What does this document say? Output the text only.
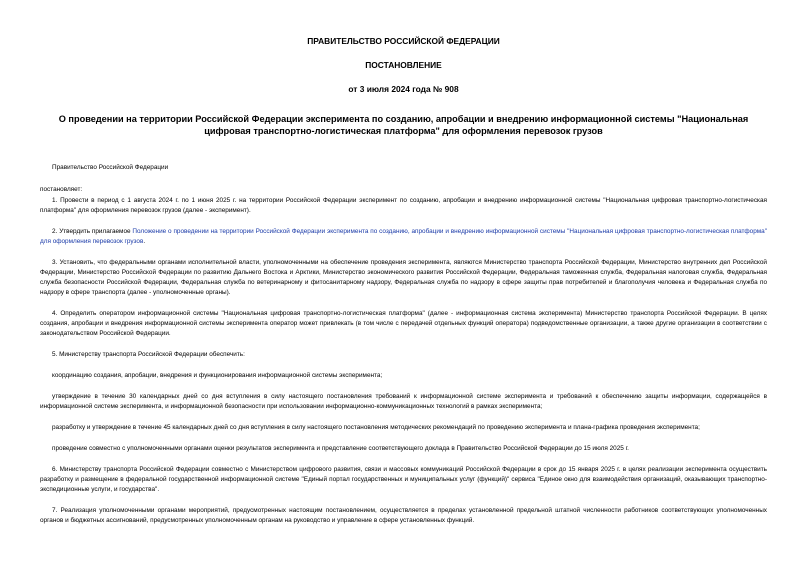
ПРАВИТЕЛЬСТВО РОССИЙСКОЙ ФЕДЕРАЦИИ
ПОСТАНОВЛЕНИЕ
от 3 июля 2024 года № 908
О проведении на территории Российской Федерации эксперимента по созданию, апробации и внедрению информационной системы "Национальная цифровая транспортно-логистическая платформа" для оформления перевозок грузов

Правительство Российской Федерации

постановляет:

1. Провести в период с 1 августа 2024 г. по 1 июня 2025 г. на территории Российской Федерации эксперимент по созданию, апробации и внедрению информационной системы "Национальная цифровая транспортно-логистическая платформа" для оформления перевозок грузов (далее - эксперимент).

2. Утвердить прилагаемое Положение о проведении на территории Российской Федерации эксперимента по созданию, апробации и внедрению информационной системы "Национальная цифровая транспортно-логистическая платформа" для оформления перевозок грузов.

3. Установить, что федеральными органами исполнительной власти, уполномоченными на обеспечение проведения эксперимента, являются Министерство транспорта Российской Федерации, Министерство внутренних дел Российской Федерации, Министерство Российской Федерации по развитию Дальнего Востока и Арктики, Министерство экономического развития Российской Федерации, Федеральная таможенная служба, Федеральная налоговая служба, Федеральная служба безопасности Российской Федерации, Федеральная служба по ветеринарному и фитосанитарному надзору, Федеральная служба по надзору в сфере защиты прав потребителей и благополучия человека и Федеральная служба по надзору в сфере транспорта (далее - уполномоченные органы).

4. Определить оператором информационной системы "Национальная цифровая транспортно-логистическая платформа" (далее - информационная система эксперимента) Министерство транспорта Российской Федерации. В целях создания, апробации и внедрения информационной системы эксперимента оператор может привлекать (в том числе с передачей отдельных функций оператора) подведомственные организации, а также другие организации в соответствии с законодательством Российской Федерации.

5. Министерству транспорта Российской Федерации обеспечить:

координацию создания, апробации, внедрения и функционирования информационной системы эксперимента;

утверждение в течение 30 календарных дней со дня вступления в силу настоящего постановления требований к информационной системе эксперимента и требований к обеспечению защиты информации, содержащейся в информационной системе эксперимента, и информационной безопасности при использовании информационно-коммуникационных технологий в рамках эксперимента;

разработку и утверждение в течение 45 календарных дней со дня вступления в силу настоящего постановления методических рекомендаций по проведению эксперимента и плана-графика проведения эксперимента;

проведение совместно с уполномоченными органами оценки результатов эксперимента и представление соответствующего доклада в Правительство Российской Федерации до 15 июля 2025 г.

6. Министерству транспорта Российской Федерации совместно с Министерством цифрового развития, связи и массовых коммуникаций Российской Федерации в срок до 15 января 2025 г. в целях реализации эксперимента осуществить разработку и размещение в федеральной государственной информационной системе "Единый портал государственных и муниципальных услуг (функций)" сервиса "Единое окно для взаимодействия организаций, оказывающих транспортно-экспедиционные услуги, и государства".

7. Реализация уполномоченными органами мероприятий, предусмотренных настоящим постановлением, осуществляется в пределах установленной предельной штатной численности работников соответствующих уполномоченных органов и бюджетных ассигнований, предусмотренных уполномоченным органам на руководство и управление в сфере установленных функций.
